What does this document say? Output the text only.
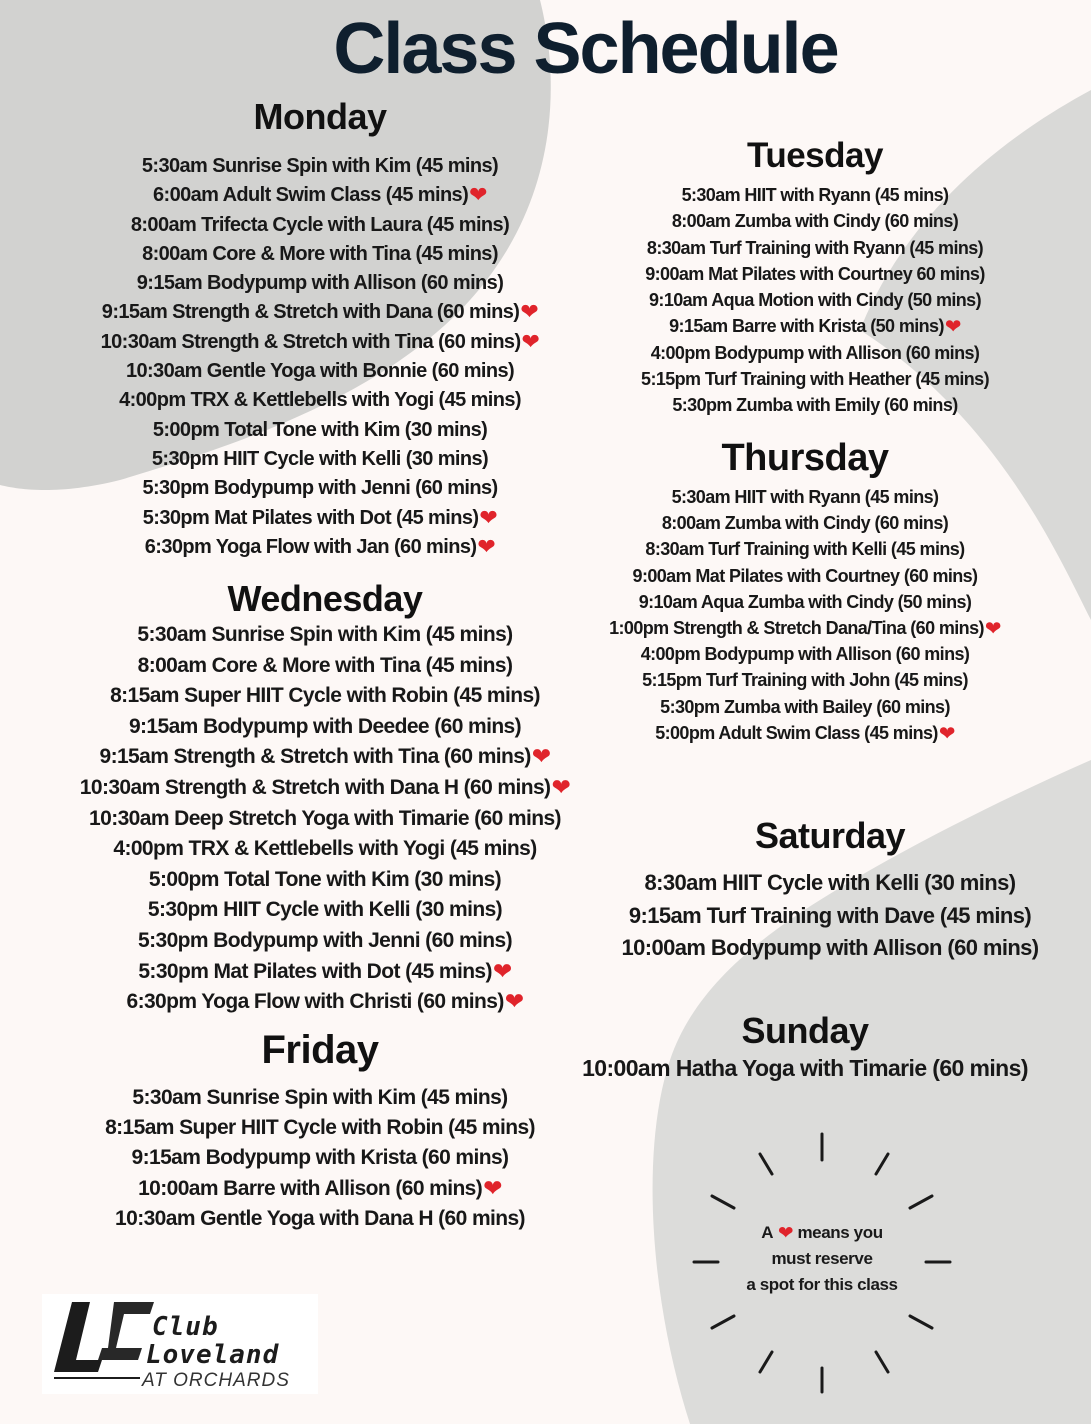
Class Schedule
Monday
5:30am Sunrise Spin with Kim (45 mins)
6:00am Adult Swim Class (45 mins)❤
8:00am Trifecta Cycle with Laura (45 mins)
8:00am Core & More with Tina (45 mins)
9:15am Bodypump with Allison (60 mins)
9:15am Strength & Stretch with Dana (60 mins)❤
10:30am Strength & Stretch with Tina (60 mins)❤
10:30am Gentle Yoga with Bonnie (60 mins)
4:00pm TRX & Kettlebells with Yogi (45 mins)
5:00pm Total Tone with Kim (30 mins)
5:30pm HIIT Cycle with Kelli (30 mins)
5:30pm Bodypump with Jenni (60 mins)
5:30pm Mat Pilates with Dot (45 mins)❤
6:30pm Yoga Flow with Jan (60 mins)❤
Wednesday
5:30am Sunrise Spin with Kim (45 mins)
8:00am Core & More with Tina (45 mins)
8:15am Super HIIT Cycle with Robin (45 mins)
9:15am Bodypump with Deedee (60 mins)
9:15am Strength & Stretch with Tina (60 mins)❤
10:30am Strength & Stretch with Dana H (60 mins)❤
10:30am Deep Stretch Yoga with Timarie (60 mins)
4:00pm TRX & Kettlebells with Yogi (45 mins)
5:00pm Total Tone with Kim (30 mins)
5:30pm HIIT Cycle with Kelli (30 mins)
5:30pm Bodypump with Jenni (60 mins)
5:30pm Mat Pilates with Dot (45 mins)❤
6:30pm Yoga Flow with Christi (60 mins)❤
Friday
5:30am Sunrise Spin with Kim (45 mins)
8:15am Super HIIT Cycle with Robin (45 mins)
9:15am Bodypump with Krista (60 mins)
10:00am Barre with Allison (60 mins)❤
10:30am Gentle Yoga with Dana H (60 mins)
Tuesday
5:30am HIIT with Ryann (45 mins)
8:00am Zumba with Cindy (60 mins)
8:30am Turf Training with Ryann (45 mins)
9:00am Mat Pilates with Courtney 60 mins)
9:10am Aqua Motion with Cindy (50 mins)
9:15am Barre with Krista (50 mins)❤
4:00pm Bodypump with Allison (60 mins)
5:15pm Turf Training with Heather (45 mins)
5:30pm Zumba with Emily (60 mins)
Thursday
5:30am HIIT with Ryann (45 mins)
8:00am Zumba with Cindy (60 mins)
8:30am Turf Training with Kelli (45 mins)
9:00am Mat Pilates with Courtney (60 mins)
9:10am Aqua Zumba with Cindy (50 mins)
1:00pm Strength & Stretch Dana/Tina (60 mins)❤
4:00pm Bodypump with Allison (60 mins)
5:15pm Turf Training with John (45 mins)
5:30pm Zumba with Bailey (60 mins)
5:00pm Adult Swim Class (45 mins)❤
Saturday
8:30am HIIT Cycle with Kelli (30 mins)
9:15am Turf Training with Dave (45 mins)
10:00am Bodypump with Allison (60 mins)
Sunday
10:00am Hatha Yoga with Timarie (60 mins)
A ❤ means you
must reserve
a spot for this class
Club
Loveland
AT ORCHARDS
